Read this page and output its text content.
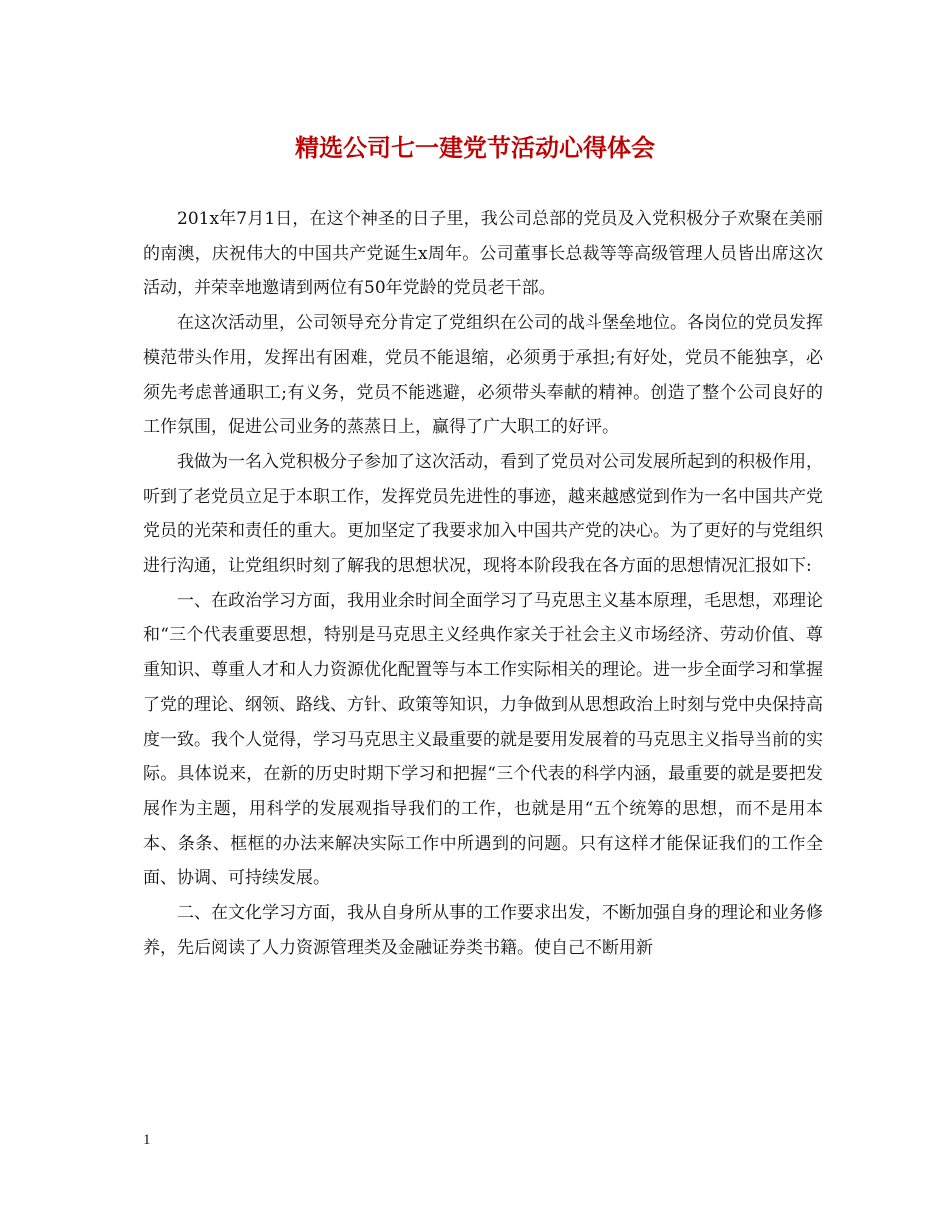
精选公司七一建党节活动心得体会

201x年7月1日，在这个神圣的日子里，我公司总部的党员及入党积极分子欢聚在美丽的南澳，庆祝伟大的中国共产党诞生x周年。公司董事长总裁等等高级管理人员皆出席这次活动，并荣幸地邀请到两位有50年党龄的党员老干部。

在这次活动里，公司领导充分肯定了党组织在公司的战斗堡垒地位。各岗位的党员发挥模范带头作用，发挥出有困难，党员不能退缩，必须勇于承担;有好处，党员不能独享，必须先考虑普通职工;有义务，党员不能逃避，必须带头奉献的精神。创造了整个公司良好的工作氛围，促进公司业务的蒸蒸日上，赢得了广大职工的好评。

我做为一名入党积极分子参加了这次活动，看到了党员对公司发展所起到的积极作用，听到了老党员立足于本职工作，发挥党员先进性的事迹，越来越感觉到作为一名中国共产党党员的光荣和责任的重大。更加坚定了我要求加入中国共产党的决心。为了更好的与党组织进行沟通，让党组织时刻了解我的思想状况，现将本阶段我在各方面的思想情况汇报如下:

一、在政治学习方面，我用业余时间全面学习了马克思主义基本原理，毛思想，邓理论和“三个代表重要思想，特别是马克思主义经典作家关于社会主义市场经济、劳动价值、尊重知识、尊重人才和人力资源优化配置等与本工作实际相关的理论。进一步全面学习和掌握了党的理论、纲领、路线、方针、政策等知识，力争做到从思想政治上时刻与党中央保持高度一致。我个人觉得，学习马克思主义最重要的就是要用发展着的马克思主义指导当前的实际。具体说来，在新的历史时期下学习和把握“三个代表的科学内涵，最重要的就是要把发展作为主题，用科学的发展观指导我们的工作，也就是用“五个统筹的思想，而不是用本本、条条、框框的办法来解决实际工作中所遇到的问题。只有这样才能保证我们的工作全面、协调、可持续发展。

二、在文化学习方面，我从自身所从事的工作要求出发，不断加强自身的理论和业务修养，先后阅读了人力资源管理类及金融证券类书籍。使自己不断用新

1
